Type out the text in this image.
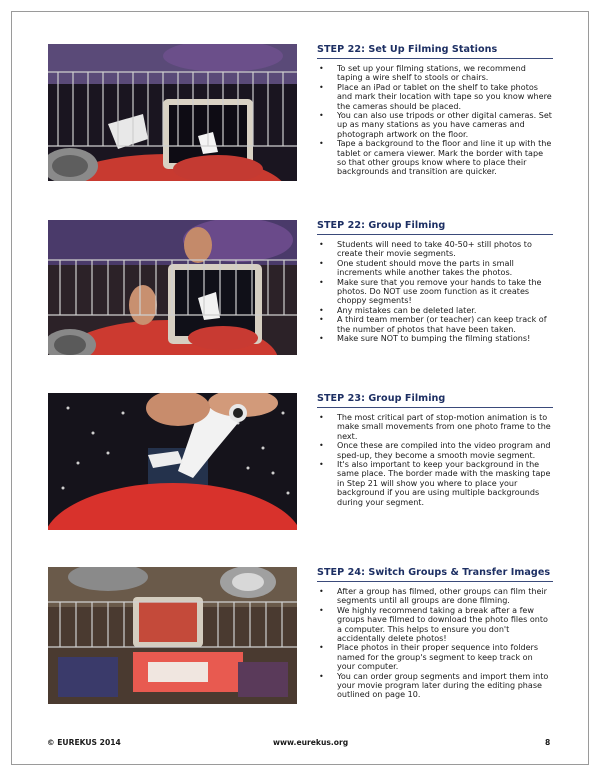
STEP 22: Set Up Filming Stations
• To set up your filming stations, we recommend taping a wire shelf to stools or chairs.
• Place an iPad or tablet on the shelf to take photos and mark their location with tape so you know where the cameras should be placed.
• You can also use tripods or other digital cameras. Set up as many stations as you have cameras and photograph artwork on the floor.
• Tape a background to the floor and line it up with the tablet or camera viewer. Mark the border with tape so that other groups know where to place their backgrounds and transition are quicker.
STEP 22: Group Filming
• Students will need to take 40-50+ still photos to create their movie segments.
• One student should move the parts in small increments while another takes the photos.
• Make sure that you remove your hands to take the photos. Do NOT use zoom function as it creates choppy segments!
• Any mistakes can be deleted later.
• A third team member (or teacher) can keep track of the number of photos that have been taken.
• Make sure NOT to bumping the filming stations!
STEP 23: Group Filming
• The most critical part of stop-motion animation is to make small movements from one photo frame to the next.
• Once these are compiled into the video program and sped-up, they become a smooth movie segment.
• It's also important to keep your background in the same place. The border made with the masking tape in Step 21 will show you where to place your background if you are using multiple backgrounds during your segment.
STEP 24: Switch Groups & Transfer Images
• After a group has filmed, other groups can film their segments until all groups are done filming.
• We highly recommend taking a break after a few groups have filmed to download the photo files onto a computer. This helps to ensure you don't accidentally delete photos!
• Place photos in their proper sequence into folders named for the group's segment to keep track on your computer.
• You can order group segments and import them into your movie program later during the editing phase outlined on page 10.
© EUREKUS 2014	www.eurekus.org	8
